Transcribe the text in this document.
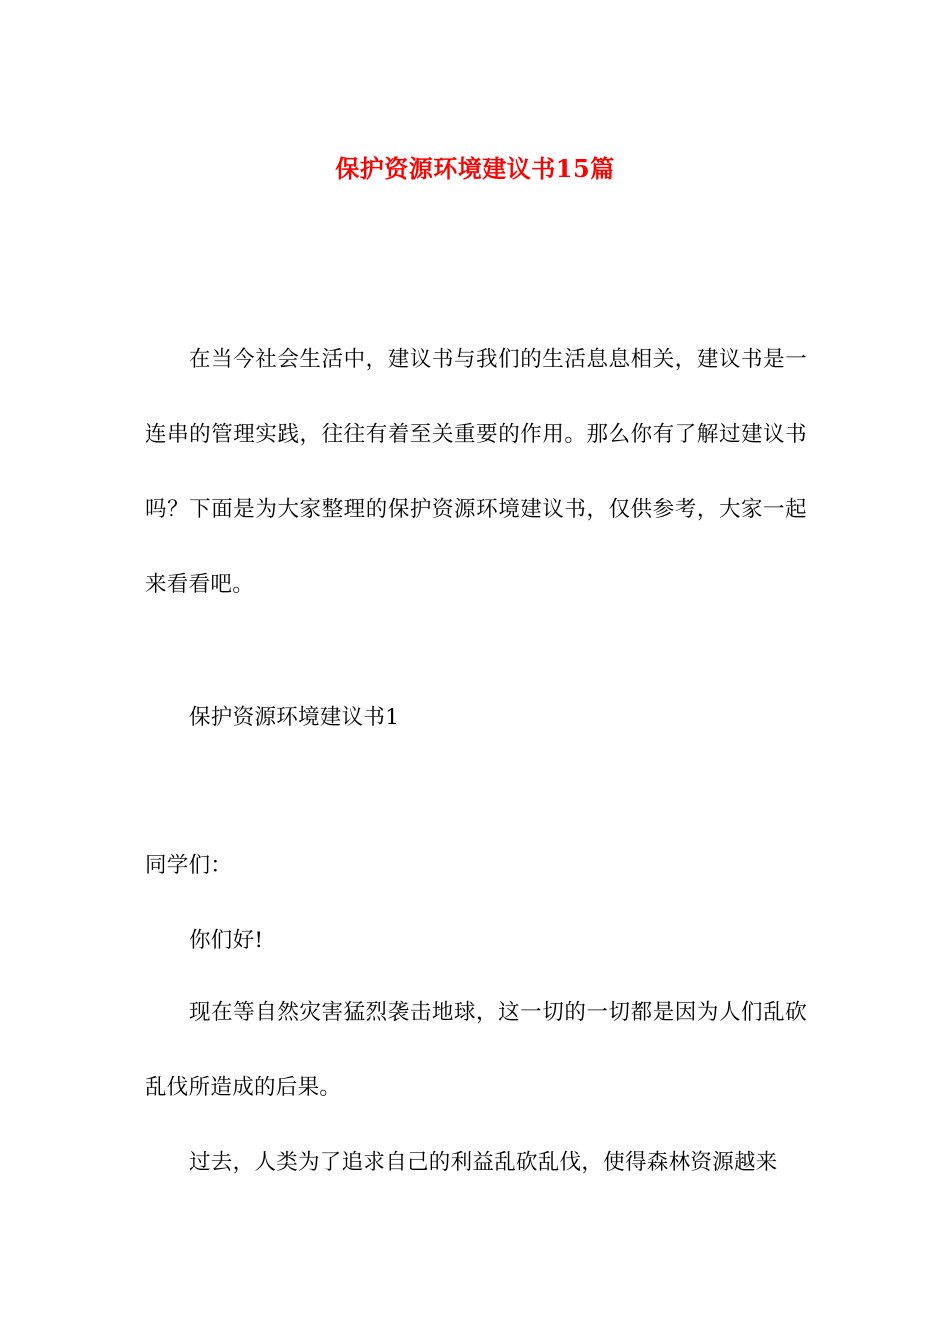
保护资源环境建议书15篇

在当今社会生活中，建议书与我们的生活息息相关，建议书是一连串的管理实践，往往有着至关重要的作用。那么你有了解过建议书吗？下面是为大家整理的保护资源环境建议书，仅供参考，大家一起来看看吧。

保护资源环境建议书1

同学们：

你们好!

现在等自然灾害猛烈袭击地球，这一切的一切都是因为人们乱砍乱伐所造成的后果。

过去，人类为了追求自己的利益乱砍乱伐，使得森林资源越来
